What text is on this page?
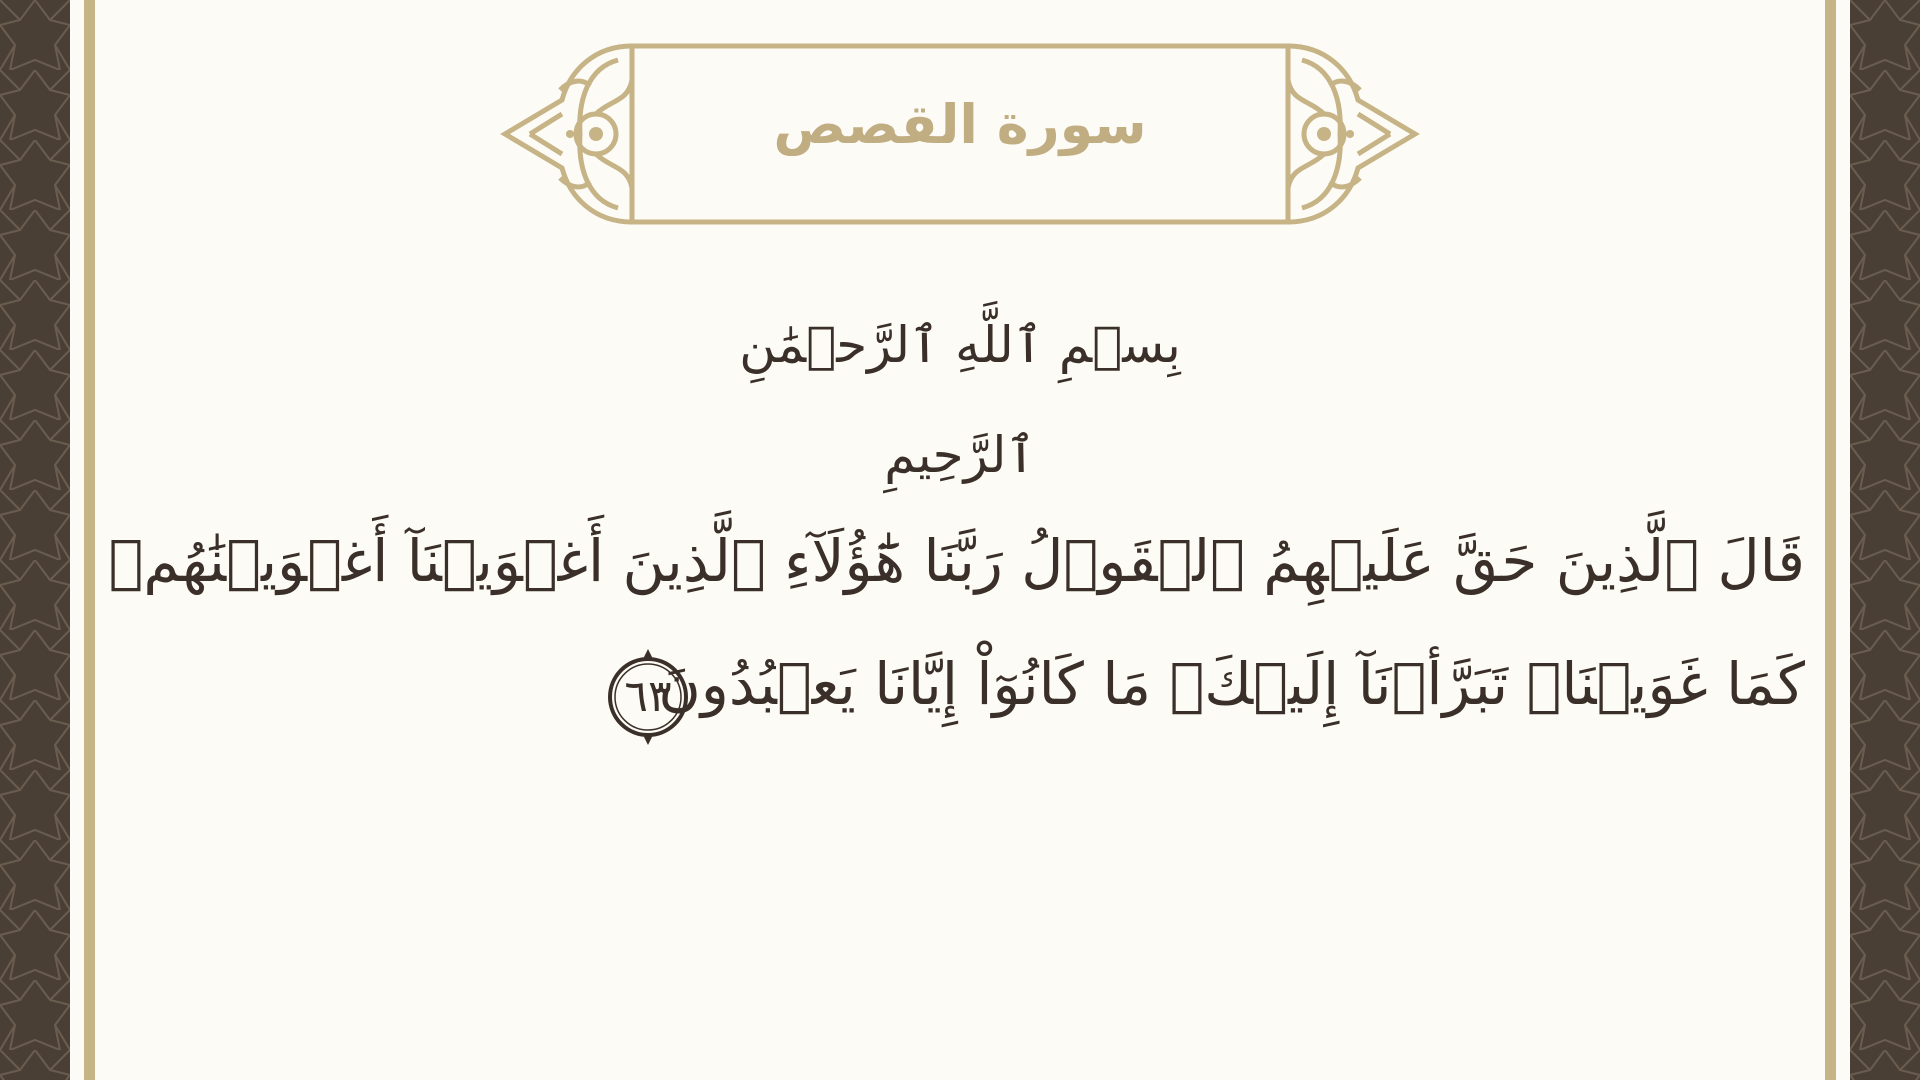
سورة القصص
بِسۡمِ ٱللَّهِ ٱلرَّحۡمَٰنِ ٱلرَّحِيمِ
قَالَ ٱلَّذِينَ حَقَّ عَلَيۡهِمُ ٱلۡقَوۡلُ رَبَّنَا هَٰٓؤُلَآءِ ٱلَّذِينَ أَغۡوَيۡنَآ أَغۡوَيۡنَٰهُمۡ
كَمَا غَوَيۡنَاۖ تَبَرَّأۡنَآ إِلَيۡكَۖ مَا كَانُوٓاْ إِيَّانَا يَعۡبُدُونَ
٦٣
